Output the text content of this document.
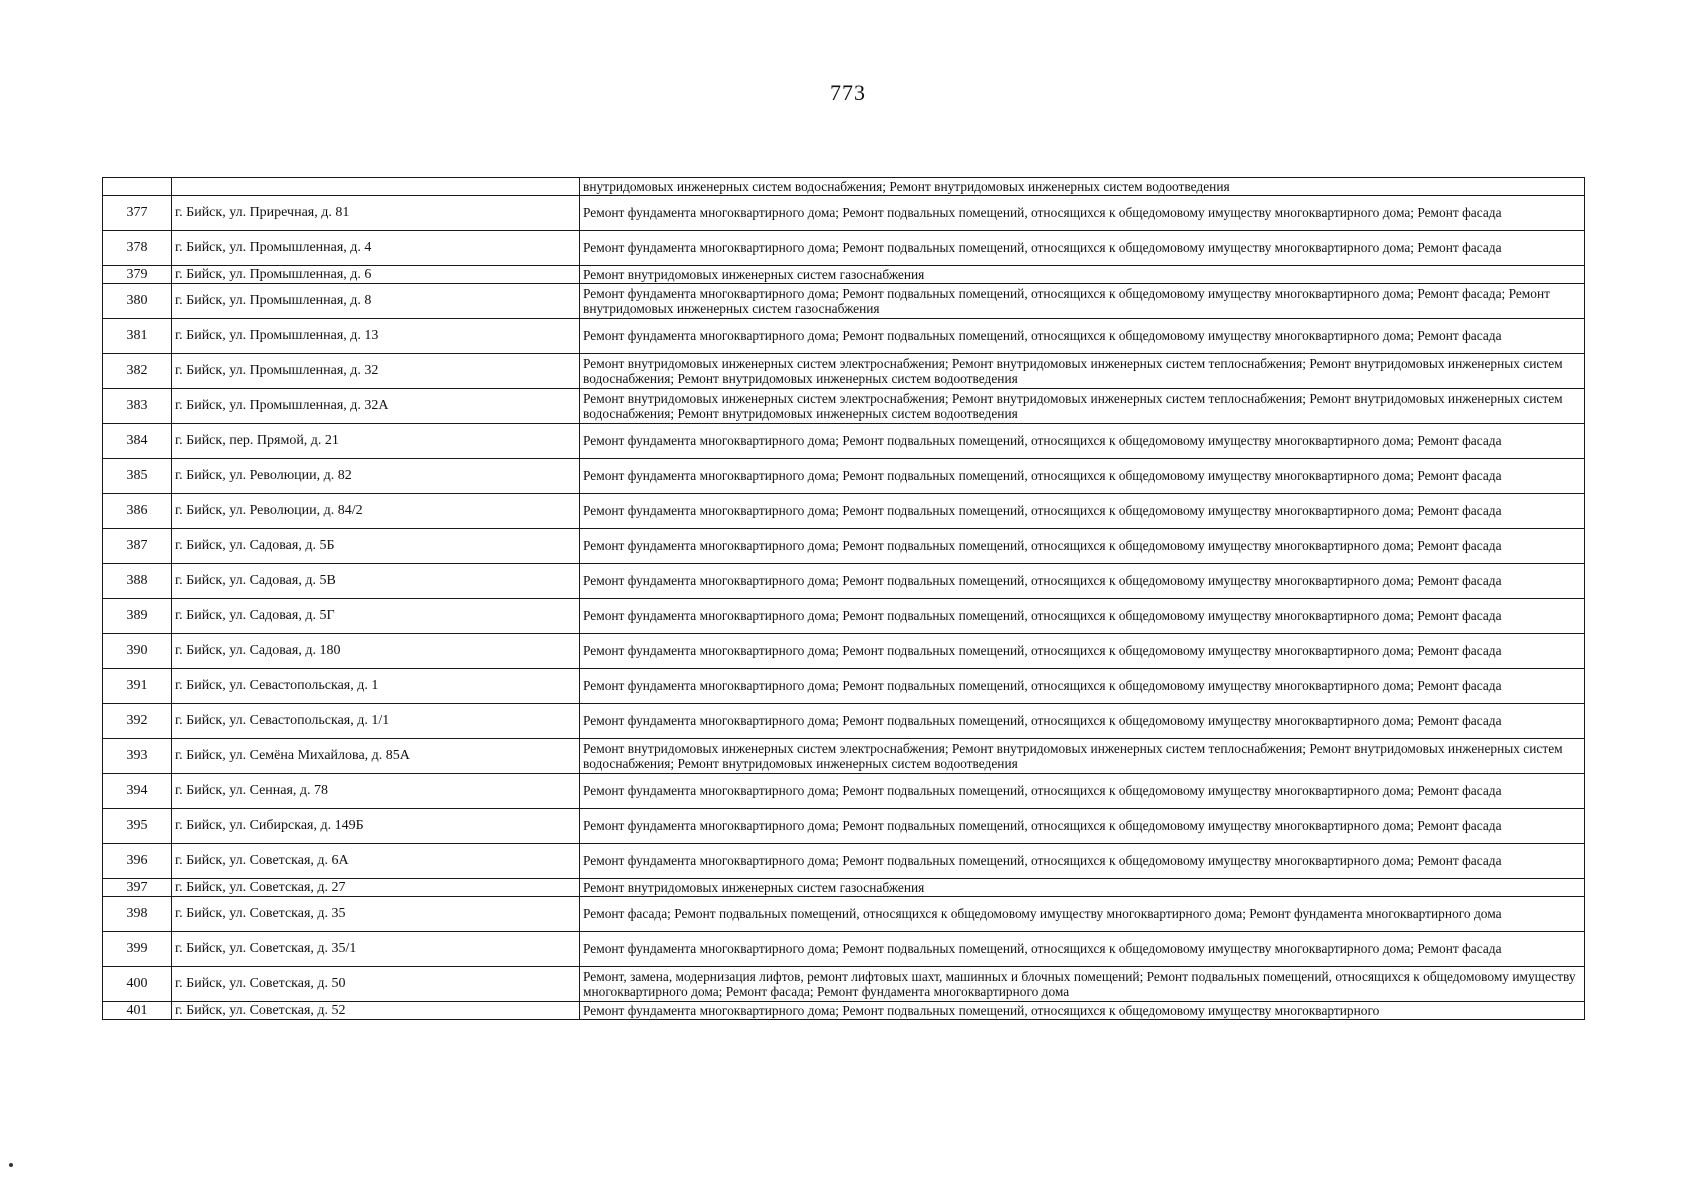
773
		внутридомовых инженерных систем водоснабжения; Ремонт внутридомовых инженерных систем водоотведения
377	г. Бийск, ул. Приречная, д. 81	Ремонт фундамента многоквартирного дома; Ремонт подвальных помещений, относящихся к общедомовому имуществу многоквартирного дома; Ремонт фасада
378	г. Бийск, ул. Промышленная, д. 4	Ремонт фундамента многоквартирного дома; Ремонт подвальных помещений, относящихся к общедомовому имуществу многоквартирного дома; Ремонт фасада
379	г. Бийск, ул. Промышленная, д. 6	Ремонт внутридомовых инженерных систем газоснабжения
380	г. Бийск, ул. Промышленная, д. 8	Ремонт фундамента многоквартирного дома; Ремонт подвальных помещений, относящихся к общедомовому имуществу многоквартирного дома; Ремонт фасада; Ремонт внутридомовых инженерных систем газоснабжения
381	г. Бийск, ул. Промышленная, д. 13	Ремонт фундамента многоквартирного дома; Ремонт подвальных помещений, относящихся к общедомовому имуществу многоквартирного дома; Ремонт фасада
382	г. Бийск, ул. Промышленная, д. 32	Ремонт внутридомовых инженерных систем электроснабжения; Ремонт внутридомовых инженерных систем теплоснабжения; Ремонт внутридомовых инженерных систем водоснабжения; Ремонт внутридомовых инженерных систем водоотведения
383	г. Бийск, ул. Промышленная, д. 32А	Ремонт внутридомовых инженерных систем электроснабжения; Ремонт внутридомовых инженерных систем теплоснабжения; Ремонт внутридомовых инженерных систем водоснабжения; Ремонт внутридомовых инженерных систем водоотведения
384	г. Бийск, пер. Прямой, д. 21	Ремонт фундамента многоквартирного дома; Ремонт подвальных помещений, относящихся к общедомовому имуществу многоквартирного дома; Ремонт фасада
385	г. Бийск, ул. Революции, д. 82	Ремонт фундамента многоквартирного дома; Ремонт подвальных помещений, относящихся к общедомовому имуществу многоквартирного дома; Ремонт фасада
386	г. Бийск, ул. Революции, д. 84/2	Ремонт фундамента многоквартирного дома; Ремонт подвальных помещений, относящихся к общедомовому имуществу многоквартирного дома; Ремонт фасада
387	г. Бийск, ул. Садовая, д. 5Б	Ремонт фундамента многоквартирного дома; Ремонт подвальных помещений, относящихся к общедомовому имуществу многоквартирного дома; Ремонт фасада
388	г. Бийск, ул. Садовая, д. 5В	Ремонт фундамента многоквартирного дома; Ремонт подвальных помещений, относящихся к общедомовому имуществу многоквартирного дома; Ремонт фасада
389	г. Бийск, ул. Садовая, д. 5Г	Ремонт фундамента многоквартирного дома; Ремонт подвальных помещений, относящихся к общедомовому имуществу многоквартирного дома; Ремонт фасада
390	г. Бийск, ул. Садовая, д. 180	Ремонт фундамента многоквартирного дома; Ремонт подвальных помещений, относящихся к общедомовому имуществу многоквартирного дома; Ремонт фасада
391	г. Бийск, ул. Севастопольская, д. 1	Ремонт фундамента многоквартирного дома; Ремонт подвальных помещений, относящихся к общедомовому имуществу многоквартирного дома; Ремонт фасада
392	г. Бийск, ул. Севастопольская, д. 1/1	Ремонт фундамента многоквартирного дома; Ремонт подвальных помещений, относящихся к общедомовому имуществу многоквартирного дома; Ремонт фасада
393	г. Бийск, ул. Семёна Михайлова, д. 85А	Ремонт внутридомовых инженерных систем электроснабжения; Ремонт внутридомовых инженерных систем теплоснабжения; Ремонт внутридомовых инженерных систем водоснабжения; Ремонт внутридомовых инженерных систем водоотведения
394	г. Бийск, ул. Сенная, д. 78	Ремонт фундамента многоквартирного дома; Ремонт подвальных помещений, относящихся к общедомовому имуществу многоквартирного дома; Ремонт фасада
395	г. Бийск, ул. Сибирская, д. 149Б	Ремонт фундамента многоквартирного дома; Ремонт подвальных помещений, относящихся к общедомовому имуществу многоквартирного дома; Ремонт фасада
396	г. Бийск, ул. Советская, д. 6А	Ремонт фундамента многоквартирного дома; Ремонт подвальных помещений, относящихся к общедомовому имуществу многоквартирного дома; Ремонт фасада
397	г. Бийск, ул. Советская, д. 27	Ремонт внутридомовых инженерных систем газоснабжения
398	г. Бийск, ул. Советская, д. 35	Ремонт фасада; Ремонт подвальных помещений, относящихся к общедомовому имуществу многоквартирного дома; Ремонт фундамента многоквартирного дома
399	г. Бийск, ул. Советская, д. 35/1	Ремонт фундамента многоквартирного дома; Ремонт подвальных помещений, относящихся к общедомовому имуществу многоквартирного дома; Ремонт фасада
400	г. Бийск, ул. Советская, д. 50	Ремонт, замена, модернизация лифтов, ремонт лифтовых шахт, машинных и блочных помещений; Ремонт подвальных помещений, относящихся к общедомовому имуществу многоквартирного дома; Ремонт фасада; Ремонт фундамента многоквартирного дома
401	г. Бийск, ул. Советская, д. 52	Ремонт фундамента многоквартирного дома; Ремонт подвальных помещений, относящихся к общедомовому имуществу многоквартирного
